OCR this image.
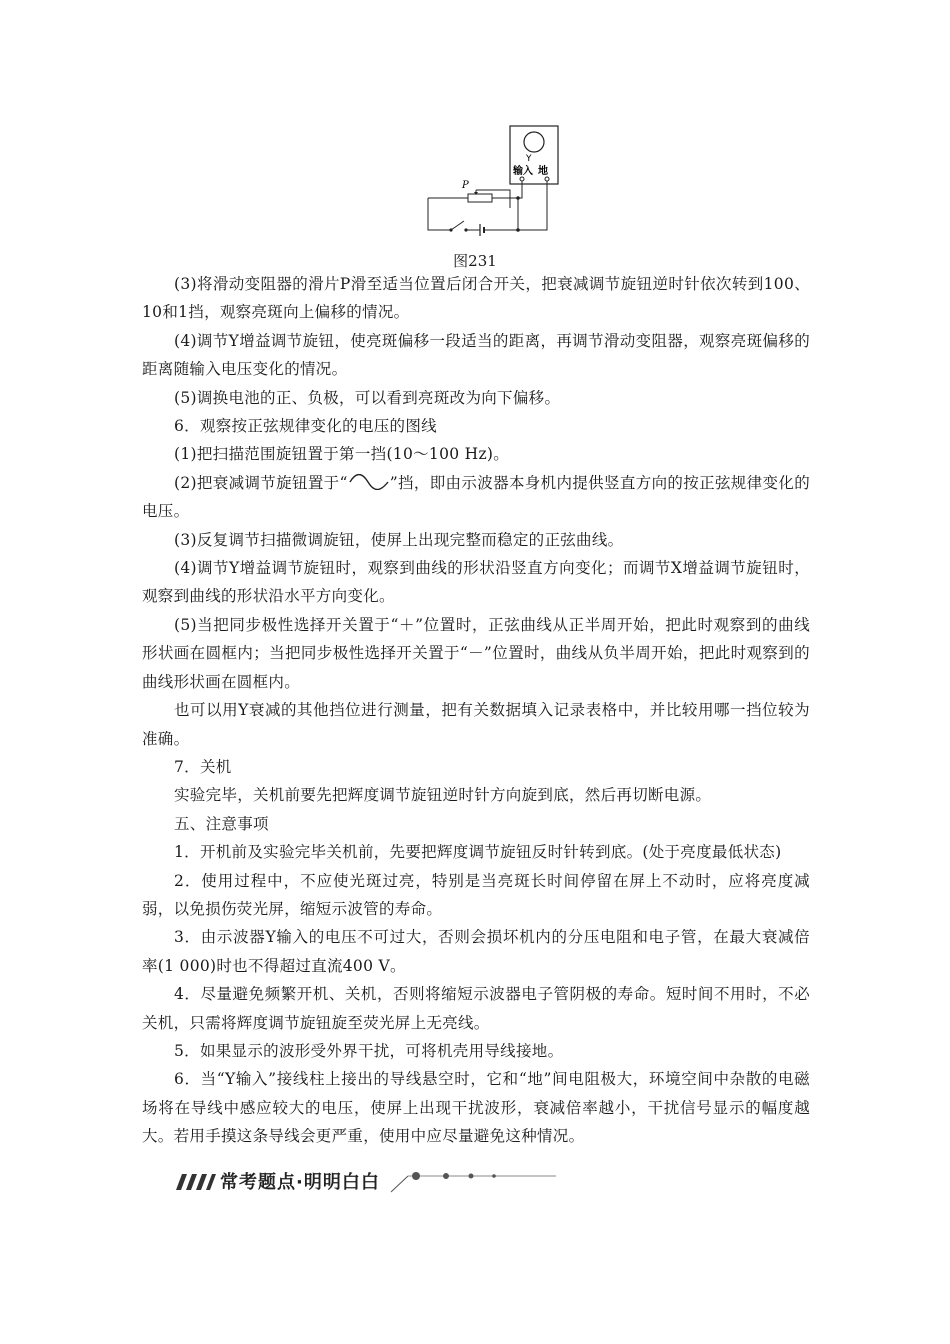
Y
输入 地
P
图231

(3)将滑动变阻器的滑片P滑至适当位置后闭合开关，把衰减调节旋钮逆时针依次转到100、10和1挡，观察亮斑向上偏移的情况。

(4)调节Y增益调节旋钮，使亮斑偏移一段适当的距离，再调节滑动变阻器，观察亮斑偏移的距离随输入电压变化的情况。

(5)调换电池的正、负极，可以看到亮斑改为向下偏移。

6．观察按正弦规律变化的电压的图线

(1)把扫描范围旋钮置于第一挡(10～100 Hz)。

(2)把衰减调节旋钮置于“	”挡，即由示波器本身机内提供竖直方向的按正弦规律变化的电压。

(3)反复调节扫描微调旋钮，使屏上出现完整而稳定的正弦曲线。

(4)调节Y增益调节旋钮时，观察到曲线的形状沿竖直方向变化；而调节X增益调节旋钮时，观察到曲线的形状沿水平方向变化。

(5)当把同步极性选择开关置于“＋”位置时，正弦曲线从正半周开始，把此时观察到的曲线形状画在圆框内；当把同步极性选择开关置于“－”位置时，曲线从负半周开始，把此时观察到的曲线形状画在圆框内。

也可以用Y衰减的其他挡位进行测量，把有关数据填入记录表格中，并比较用哪一挡位较为准确。

7．关机

实验完毕，关机前要先把辉度调节旋钮逆时针方向旋到底，然后再切断电源。

五、注意事项

1．开机前及实验完毕关机前，先要把辉度调节旋钮反时针转到底。(处于亮度最低状态)

2．使用过程中，不应使光斑过亮，特别是当亮斑长时间停留在屏上不动时，应将亮度减弱，以免损伤荧光屏，缩短示波管的寿命。

3．由示波器Y输入的电压不可过大，否则会损坏机内的分压电阻和电子管，在最大衰减倍率(1 000)时也不得超过直流400 V。

4．尽量避免频繁开机、关机，否则将缩短示波器电子管阴极的寿命。短时间不用时，不必关机，只需将辉度调节旋钮旋至荧光屏上无亮线。

5．如果显示的波形受外界干扰，可将机壳用导线接地。

6．当“Y输入”接线柱上接出的导线悬空时，它和“地”间电阻极大，环境空间中杂散的电磁场将在导线中感应较大的电压，使屏上出现干扰波形，衰减倍率越小，干扰信号显示的幅度越大。若用手摸这条导线会更严重，使用中应尽量避免这种情况。

常考题点·明明白白
